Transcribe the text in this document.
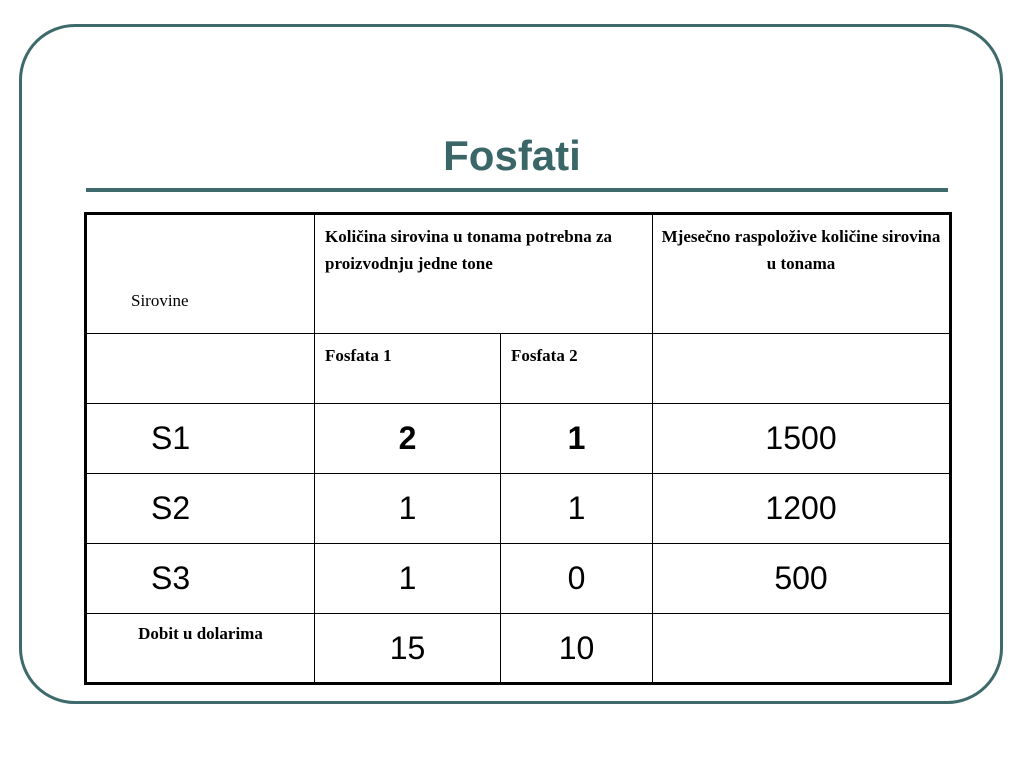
Fosfati
Sirovine	Količina sirovina u tonama potrebna za proizvodnju jedne tone		Mjesečno raspoložive količine sirovina u tonama

	Fosfata 1	Fosfata 2	
S1	2	1	1500
S2	1	1	1200
S3	1	0	500
Dobit u dolarima	15	10	
